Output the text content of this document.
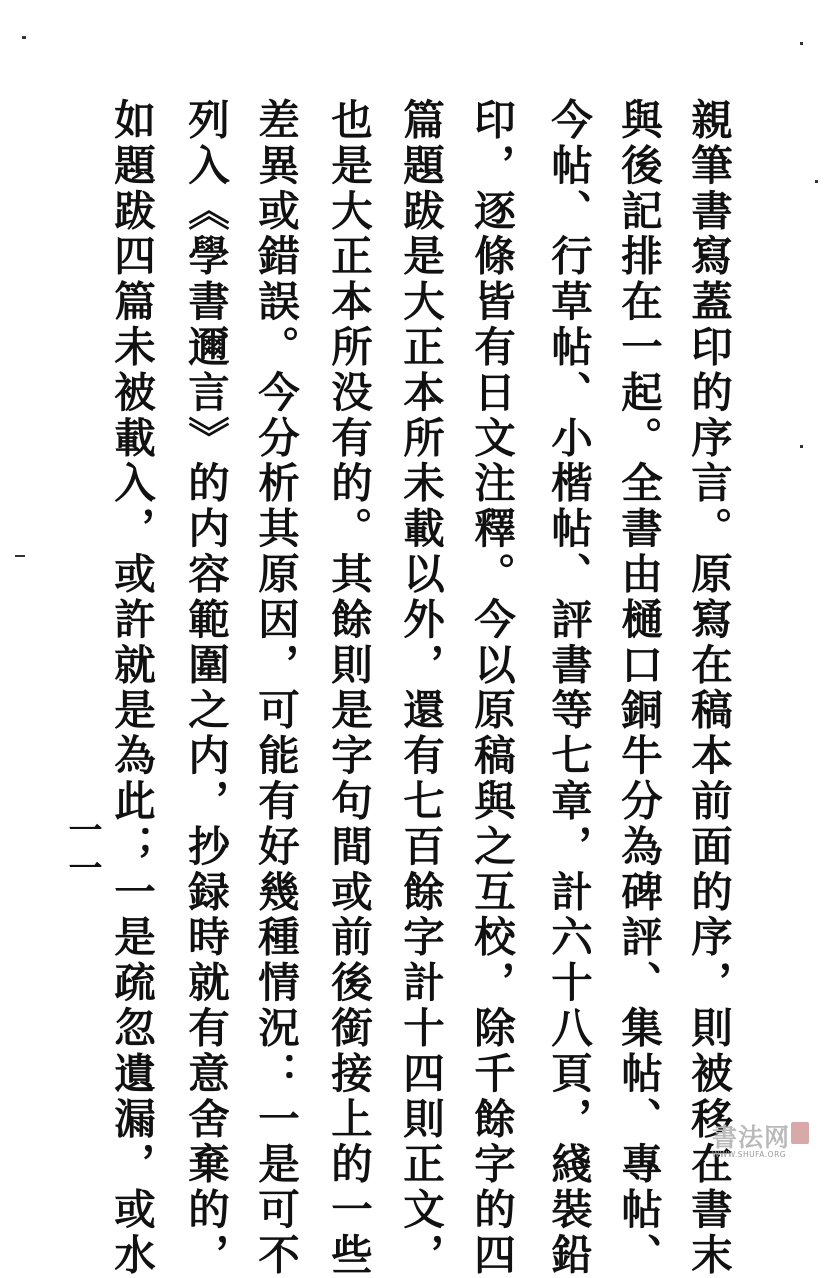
親筆書寫蓋印的序言。原寫在稿本前面的序，則被移在書末
與後記排在一起。全書由樋口銅牛分為碑評、集帖、專帖、
今帖、行草帖、小楷帖、評書等七章，計六十八頁，綫裝鉛
印，逐條皆有日文注釋。今以原稿與之互校，除千餘字的四
篇題跋是大正本所未載以外，還有七百餘字計十四則正文，
也是大正本所没有的。其餘則是字句間或前後銜接上的一些
差異或錯誤。今分析其原因，可能有好幾種情況：一是可不
列入《學書邇言》的内容範圍之内，抄録時就有意舍棄的，
如題跋四篇未被載入，或許就是為此；一是疏忽遺漏，或水
一一
書法网
WWW.SHUFA.ORG
